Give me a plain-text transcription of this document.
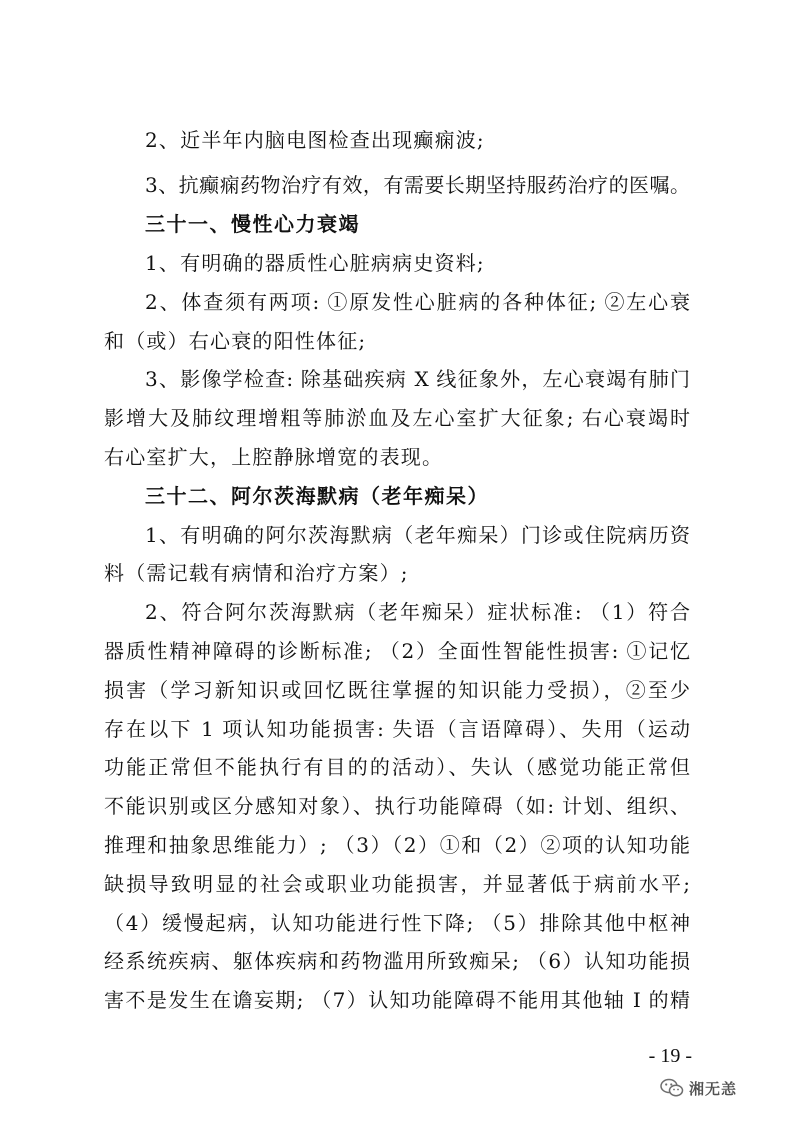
2、近半年内脑电图检查出现癫痫波;
3、抗癫痫药物治疗有效，有需要长期坚持服药治疗的医嘱。
三十一、慢性心力衰竭
1、有明确的器质性心脏病病史资料;
2、体查须有两项: ①原发性心脏病的各种体征; ②左心衰
和（或）右心衰的阳性体征;
3、影像学检查: 除基础疾病 X 线征象外，左心衰竭有肺门
影增大及肺纹理增粗等肺淤血及左心室扩大征象; 右心衰竭时
右心室扩大，上腔静脉增宽的表现。
三十二、阿尔茨海默病（老年痴呆）
1、有明确的阿尔茨海默病（老年痴呆）门诊或住院病历资
料（需记载有病情和治疗方案）;
2、符合阿尔茨海默病（老年痴呆）症状标准: （1）符合
器质性精神障碍的诊断标准; （2）全面性智能性损害: ①记忆
损害（学习新知识或回忆既往掌握的知识能力受损），②至少
存在以下 1 项认知功能损害: 失语（言语障碍）、失用（运动
功能正常但不能执行有目的的活动）、失认（感觉功能正常但
不能识别或区分感知对象）、执行功能障碍（如: 计划、组织、
推理和抽象思维能力）; （3）（2）①和（2）②项的认知功能
缺损导致明显的社会或职业功能损害，并显著低于病前水平;
（4）缓慢起病，认知功能进行性下降; （5）排除其他中枢神
经系统疾病、躯体疾病和药物滥用所致痴呆; （6）认知功能损
害不是发生在谵妄期; （7）认知功能障碍不能用其他轴 I 的精
- 19 -
湘无恙
